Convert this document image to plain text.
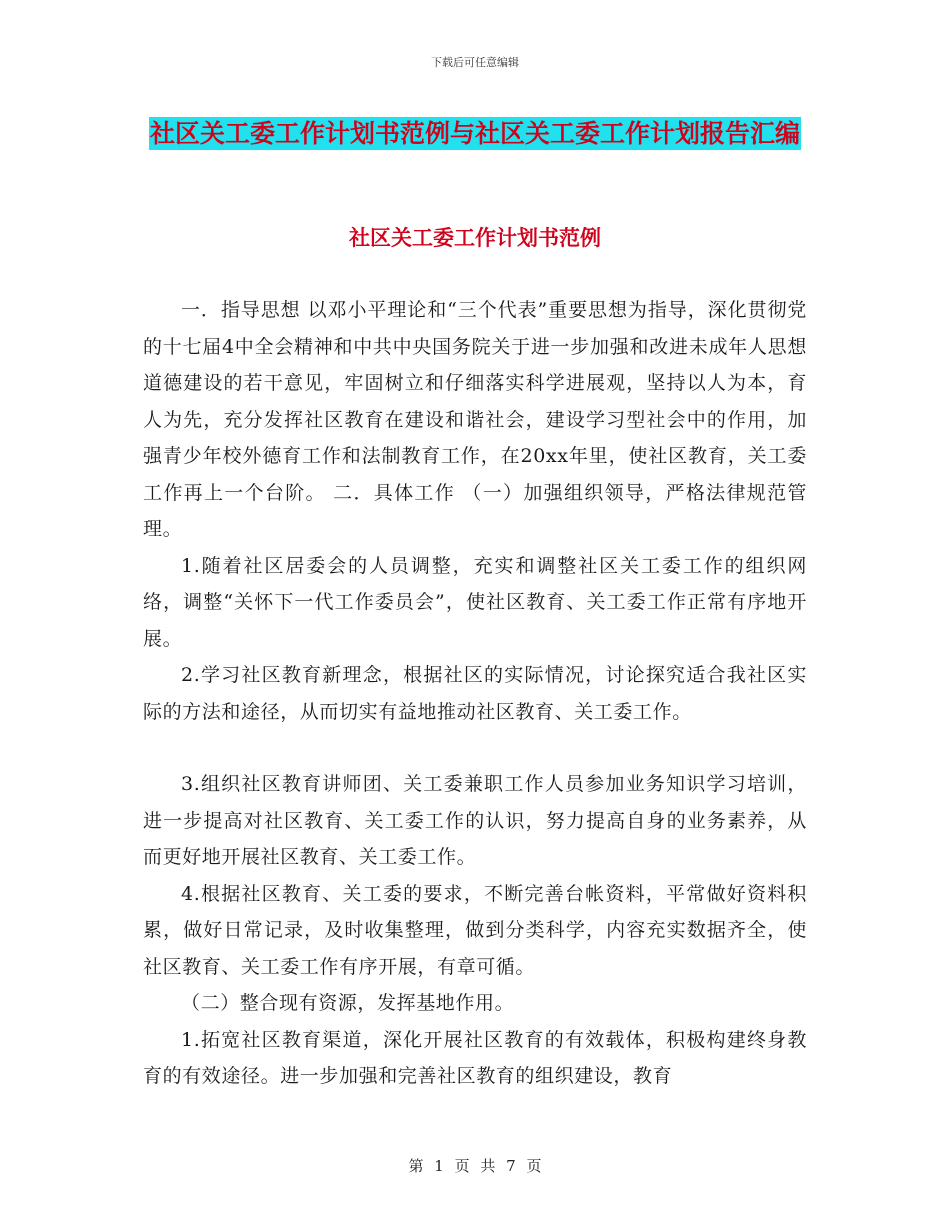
下载后可任意编辑
社区关工委工作计划书范例与社区关工委工作计划报告汇编
社区关工委工作计划书范例

一．指导思想 以邓小平理论和“三个代表”重要思想为指导，深化贯彻党的十七届4中全会精神和中共中央国务院关于进一步加强和改进未成年人思想道德建设的若干意见，牢固树立和仔细落实科学进展观，坚持以人为本，育人为先，充分发挥社区教育在建设和谐社会，建设学习型社会中的作用，加强青少年校外德育工作和法制教育工作，在20xx年里，使社区教育，关工委工作再上一个台阶。 二．具体工作 （一）加强组织领导，严格法律规范管理。

1.随着社区居委会的人员调整，充实和调整社区关工委工作的组织网络，调整“关怀下一代工作委员会”，使社区教育、关工委工作正常有序地开展。

2.学习社区教育新理念，根据社区的实际情况，讨论探究适合我社区实际的方法和途径，从而切实有益地推动社区教育、关工委工作。

3.组织社区教育讲师团、关工委兼职工作人员参加业务知识学习培训，进一步提高对社区教育、关工委工作的认识，努力提高自身的业务素养，从而更好地开展社区教育、关工委工作。

4.根据社区教育、关工委的要求，不断完善台帐资料，平常做好资料积累，做好日常记录，及时收集整理，做到分类科学，内容充实数据齐全，使社区教育、关工委工作有序开展，有章可循。

（二）整合现有资源，发挥基地作用。

1.拓宽社区教育渠道，深化开展社区教育的有效载体，积极构建终身教育的有效途径。进一步加强和完善社区教育的组织建设，教育

第 1 页 共 7 页
